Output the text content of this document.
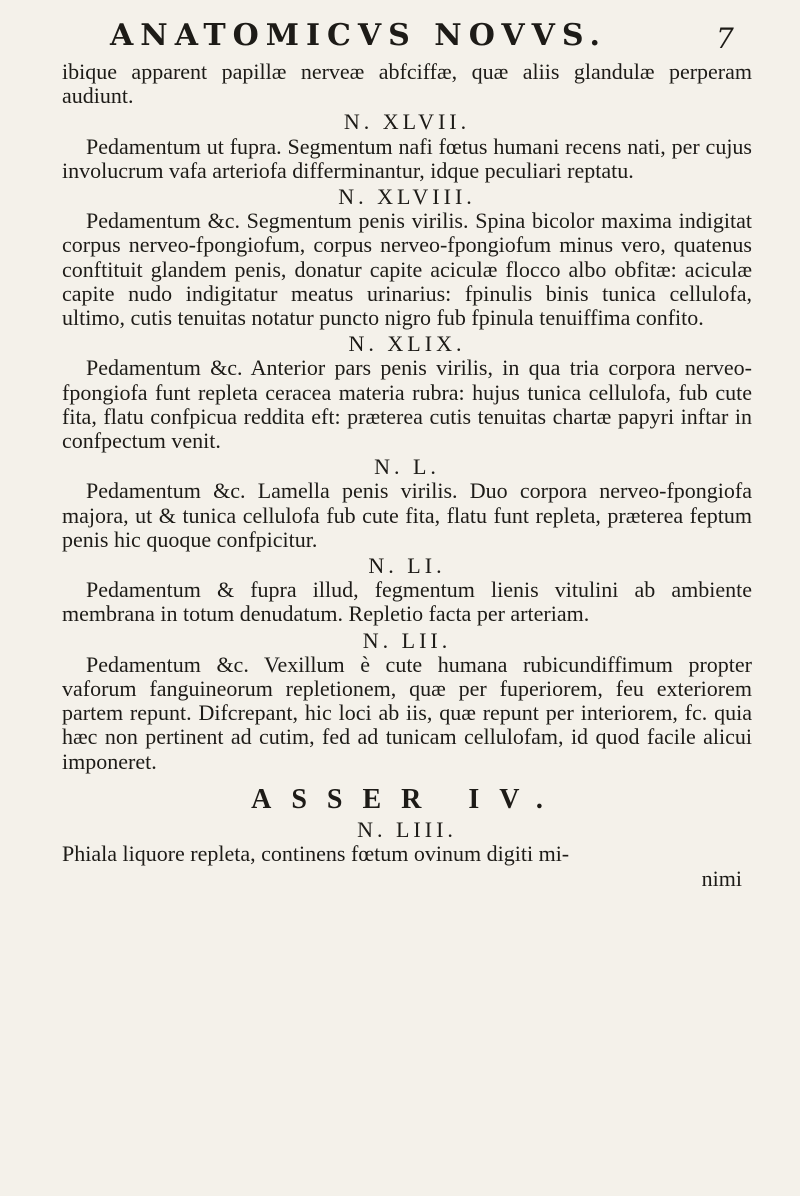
ANATOMICVS NOVVS.	7

ibique apparent papillæ nerveæ abfciffæ, quæ aliis glandulæ perperam audiunt.

N. XLVII.

Pedamentum ut fupra. Segmentum nafi fœtus humani recens nati, per cujus involucrum vafa arteriofa differminantur, idque peculiari reptatu.

N. XLVIII.

Pedamentum &c. Segmentum penis virilis. Spina bicolor maxima indigitat corpus nerveo-fpongiofum, corpus nerveo-fpongiofum minus vero, quatenus conftituit glandem penis, donatur capite aciculæ flocco albo obfitæ: aciculæ capite nudo indigitatur meatus urinarius: fpinulis binis tunica cellulofa, ultimo, cutis tenuitas notatur puncto nigro fub fpinula tenuiffima confito.

N. XLIX.

Pedamentum &c. Anterior pars penis virilis, in qua tria corpora nerveo-fpongiofa funt repleta ceracea materia rubra: hujus tunica cellulofa, fub cute fita, flatu confpicua reddita eft: præterea cutis tenuitas chartæ papyri inftar in confpectum venit.

N. L.

Pedamentum &c. Lamella penis virilis. Duo corpora nerveo-fpongiofa majora, ut & tunica cellulofa fub cute fita, flatu funt repleta, præterea feptum penis hic quoque confpicitur.

N. LI.

Pedamentum & fupra illud, fegmentum lienis vitulini ab ambiente membrana in totum denudatum. Repletio facta per arteriam.

N. LII.

Pedamentum &c. Vexillum è cute humana rubicundiffimum propter vaforum fanguineorum repletionem, quæ per fuperiorem, feu exteriorem partem repunt. Difcrepant, hic loci ab iis, quæ repunt per interiorem, fc. quia hæc non pertinent ad cutim, fed ad tunicam cellulofam, id quod facile alicui imponeret.

ASSER IV.

N. LIII.

Phiala liquore repleta, continens fœtum ovinum digiti mi-

nimi
